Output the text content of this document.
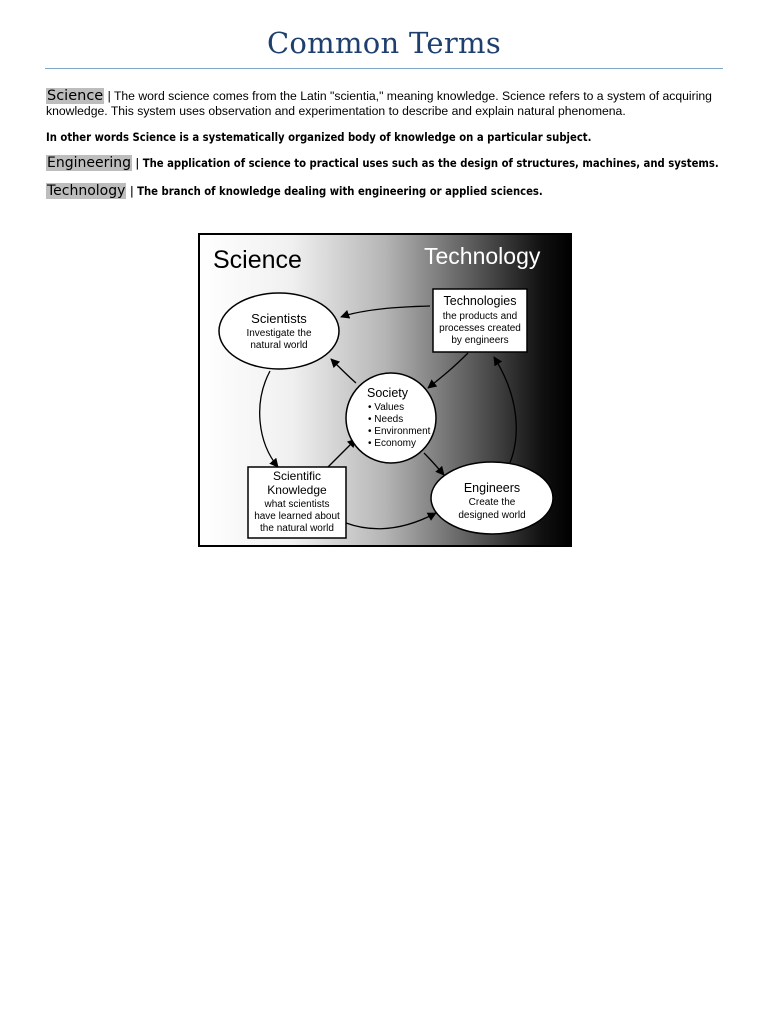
Common Terms
Science | The word science comes from the Latin "scientia," meaning knowledge. Science refers to a system of acquiring knowledge. This system uses observation and experimentation to describe and explain natural phenomena.
In other words Science is a systematically organized body of knowledge on a particular subject.
Engineering | The application of science to practical uses such as the design of structures, machines, and systems.
Technology | The branch of knowledge dealing with engineering or applied sciences.
Science	Technology
Scientists
Investigate the
natural world
Technologies
the products and
processes created
by engineers
Society
• Values
• Needs
• Environment
• Economy
Scientific
Knowledge
what scientists
have learned about
the natural world
Engineers
Create the
designed world
